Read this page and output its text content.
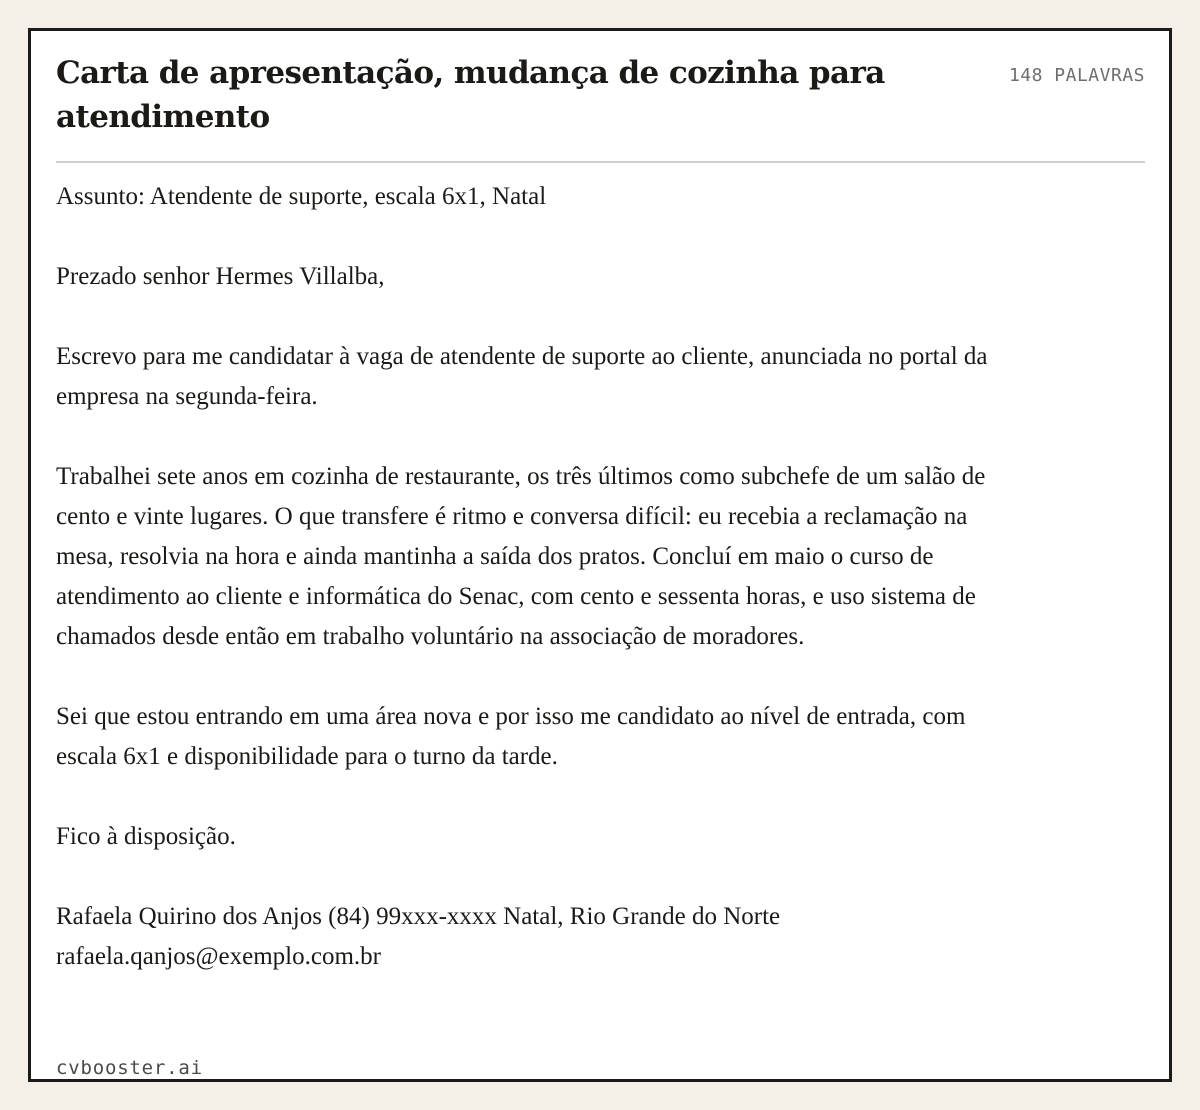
Carta de apresentação, mudança de cozinha para atendimento
148 PALAVRAS

Assunto: Atendente de suporte, escala 6x1, Natal

Prezado senhor Hermes Villalba,

Escrevo para me candidatar à vaga de atendente de suporte ao cliente, anunciada no portal da empresa na segunda-feira.

Trabalhei sete anos em cozinha de restaurante, os três últimos como subchefe de um salão de cento e vinte lugares. O que transfere é ritmo e conversa difícil: eu recebia a reclamação na mesa, resolvia na hora e ainda mantinha a saída dos pratos. Concluí em maio o curso de atendimento ao cliente e informática do Senac, com cento e sessenta horas, e uso sistema de chamados desde então em trabalho voluntário na associação de moradores.

Sei que estou entrando em uma área nova e por isso me candidato ao nível de entrada, com escala 6x1 e disponibilidade para o turno da tarde.

Fico à disposição.

Rafaela Quirino dos Anjos (84) 99xxx-xxxx Natal, Rio Grande do Norte
rafaela.qanjos@exemplo.com.br

cvbooster.ai
